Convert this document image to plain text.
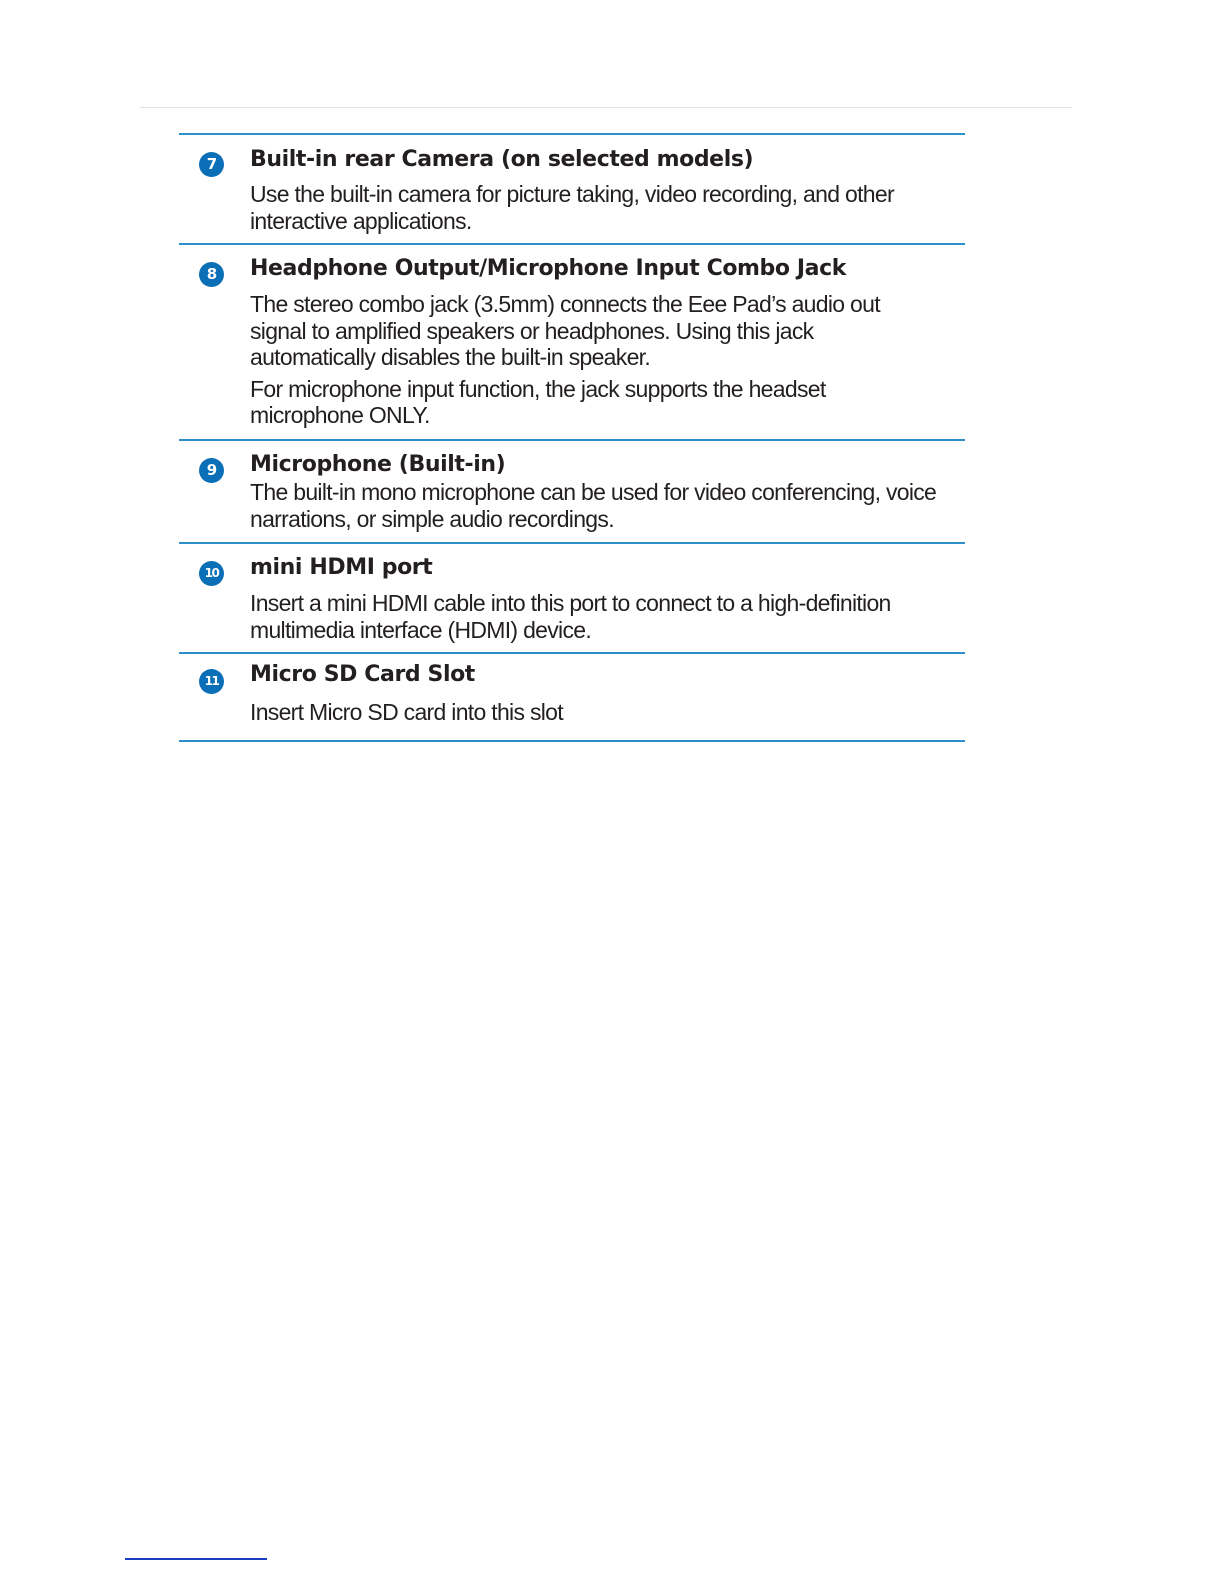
7	Built-in rear Camera (on selected models)
Use the built-in camera for picture taking, video recording, and other interactive applications.
8	Headphone Output/Microphone Input Combo Jack
The stereo combo jack (3.5mm) connects the Eee Pad’s audio out signal to amplified speakers or headphones. Using this jack automatically disables the built-in speaker.
For microphone input function, the jack supports the headset microphone ONLY.
9	Microphone (Built-in)
The built-in mono microphone can be used for video conferencing, voice narrations, or simple audio recordings.
10 mini HDMI port
Insert a mini HDMI cable into this port to connect to a high-definition multimedia interface (HDMI) device.
11 Micro SD Card Slot
Insert Micro SD card into this slot
